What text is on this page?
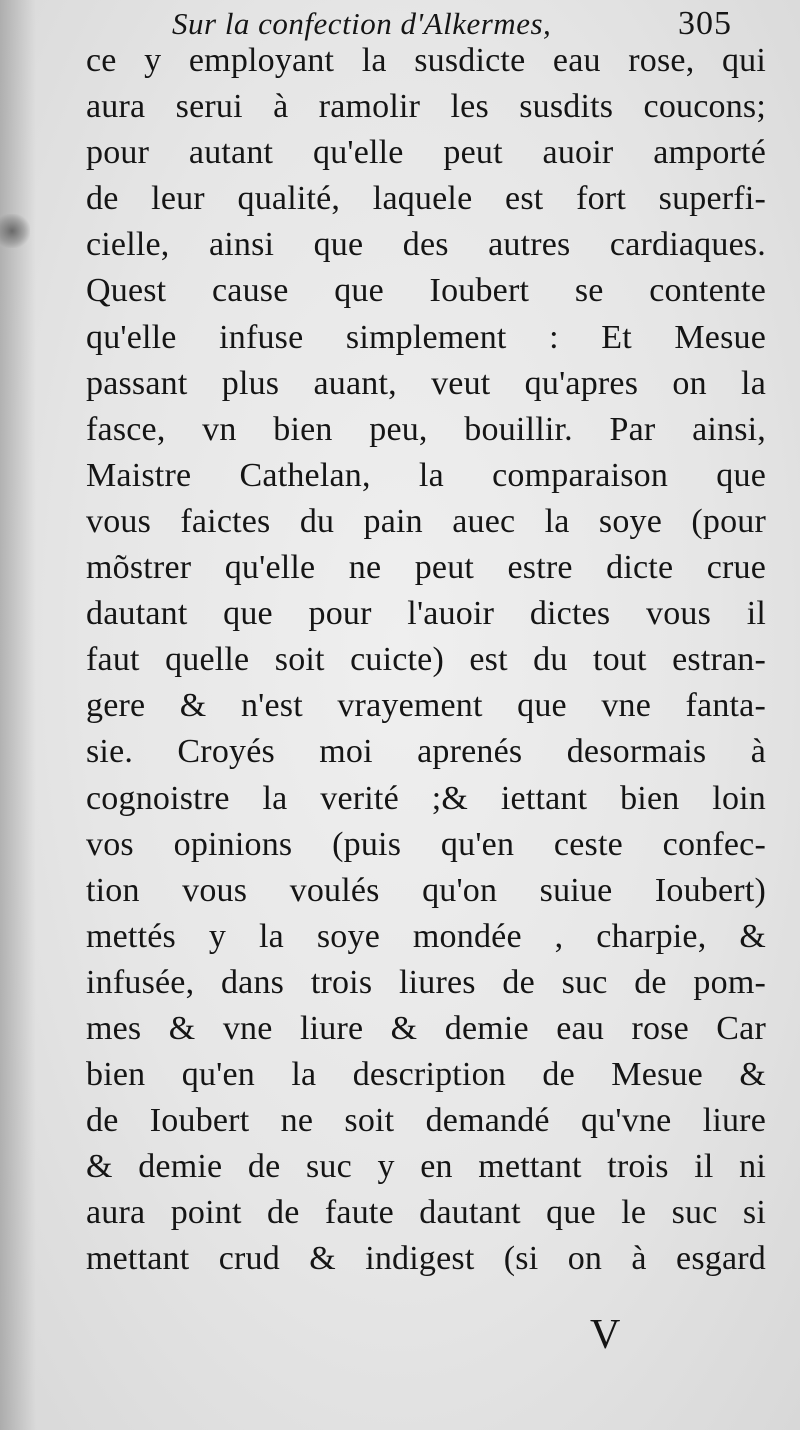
Sur la confection d'Alkermes,	305
ce y employant la susdicte eau rose, qui
aura serui à ramolir les susdits coucons;
pour autant qu'elle peut auoir amporté
de leur qualité, laquele est fort superfi-
cielle, ainsi que des autres cardiaques.
Quest cause que Ioubert se contente
qu'elle infuse simplement : Et Mesue
passant plus auant, veut qu'apres on la
fasce, vn bien peu, bouillir. Par ainsi,
Maistre Cathelan, la comparaison que
vous faictes du pain auec la soye (pour
mõstrer qu'elle ne peut estre dicte crue
dautant que pour l'auoir dictes vous il
faut quelle soit cuicte) est du tout estran-
gere & n'est vrayement que vne fanta-
sie. Croyés moi aprenés desormais à
cognoistre la verité ;& iettant bien loin
vos opinions (puis qu'en ceste confec-
tion vous voulés qu'on suiue Ioubert)
mettés y la soye mondée , charpie, &
infusée, dans trois liures de suc de pom-
mes & vne liure & demie eau rose Car
bien qu'en la description de Mesue &
de Ioubert ne soit demandé qu'vne liure
& demie de suc y en mettant trois il ni
aura point de faute dautant que le suc si
mettant crud & indigest (si on à esgard
V
